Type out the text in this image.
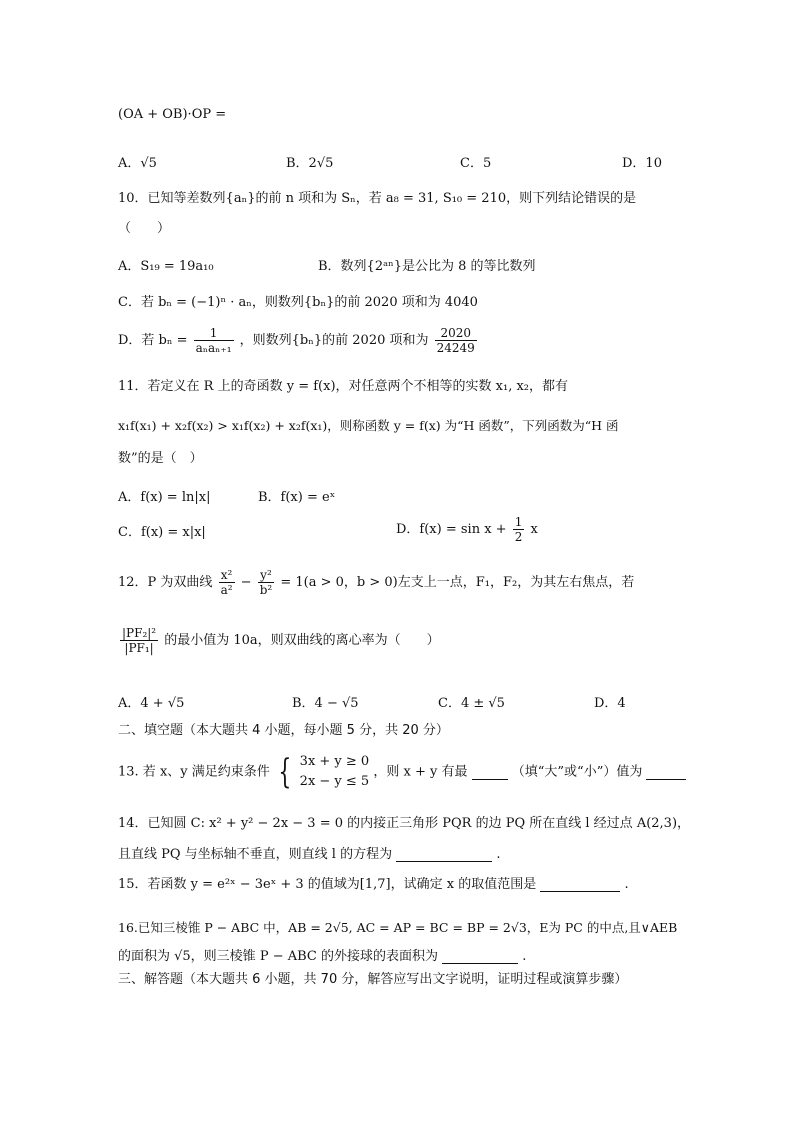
(OA + OB)·OP =
A．√5	B．2√5	C．5	D．10
10．已知等差数列{aₙ}的前 n 项和为 Sₙ，若 a₈ = 31, S₁₀ = 210，则下列结论错误的是
（　　）
A．S₁₉ = 19a₁₀	B．数列{2ᵃⁿ}是公比为 8 的等比数列
C．若 bₙ = (−1)ⁿ · aₙ，则数列{bₙ}的前 2020 项和为 4040
D．若 $b_n = \frac{1}{\text{aₙaₙ₊₁}}$ ，则数列{bₙ}的前 2020 项和为 $\frac{2020}{24249}$
11．若定义在 R 上的奇函数 y = f(x)，对任意两个不相等的实数 x₁, x₂，都有
x₁f(x₁) + x₂f(x₂) > x₁f(x₂) + x₂f(x₁)，则称函数 y = f(x) 为“H 函数”，下列函数为“H 函
数”的是（　）
A．f(x) = ln|x|	B．f(x) = eˣ
C．f(x) = x|x|	D．$f(x) = \sin x + \frac{1}{2}$ x
12．P 为双曲线 $\frac{\text{x²}}{\text{a²}} - \frac{\text{y²}}{\text{b²}} = 1(a > 0$，b > 0)左支上一点，F₁，F₂，为其左右焦点，若
$\frac{\text{|PF₂|²}}{\text{|PF₁|}}$ 的最小值为 10a，则双曲线的离心率为（　　）
A．4 + √5	B．4 − √5	C．4 ± √5	D．4
二、填空题（本大题共 4 小题，每小题 5 分，共 20 分）
13. 若 x、y 满足约束条件 { 3x + y ≥ 0
2x − y ≤ 5
，则 x + y 有最	（填“大”或“小”）值为
14．已知圆 C: x² + y² − 2x − 3 = 0 的内接正三角形 PQR 的边 PQ 所在直线 l 经过点 A(2,3)，
且直线 PQ 与坐标轴不垂直，则直线 l 的方程为	.
15．若函数 y = e²ˣ − 3eˣ + 3 的值域为[1,7]，试确定 x 的取值范围是	.
16.已知三棱锥 P − ABC 中，AB = 2√5, AC = AP = BC = BP = 2√3，E为 PC 的中点,且∨AEB
的面积为 √5，则三棱锥 P − ABC 的外接球的表面积为	.
三、解答题（本大题共 6 小题，共 70 分，解答应写出文字说明，证明过程或演算步骤）
